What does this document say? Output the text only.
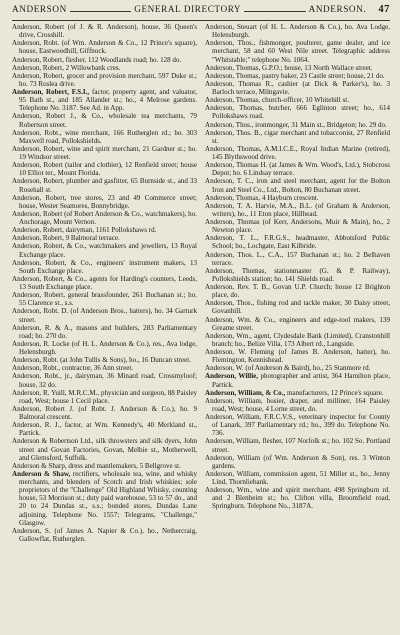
ANDERSON	GENERAL DIRECTORY	ANDERSON. 47

Anderson, Robert (of J. & R. Anderson), house, 36 Queen's drive, Crosshill.

Anderson, Robt. (of Wm. Anderson & Co., 12 Prince's square), house, Eastwoodhill, Giffnock.

Anderson, Robert, flesher, 112 Woodlands road; ho. 128 do.

Anderson, Robert, 2 Willowbank cres.

Anderson, Robert, grocer and provision merchant, 597 Duke st.; ho. 73 Roslea drive.

Anderson, Robert, F.S.I., factor, property agent, and valuator, 95 Bath st., and 185 Allander st.; ho., 4 Melrose gardens. Telephone No. 3187. See Ad. in App.

Anderson, Robert J., & Co., wholesale tea merchants, 79 Robertson street.

Anderson, Robt., wine merchant, 166 Rutherglen rd.; ho. 303 Maxwell road, Pollokshields.

Anderson, Robert, wine and spirit merchant, 21 Gardner st.; ho. 19 Windsor street.

Anderson, Robert (tailor and clothier), 12 Renfield street; house 10 Elliot ter., Mount Florida.

Anderson, Robert, plumber and gasfitter, 65 Burnside st., and 33 Rosehall st.

Anderson, Robert, tree stores, 23 and 49 Commerce street; house, Wester Seamores, Bonnybridge.

Anderson, Robert (of Robert Anderson & Co., watchmakers), ho. Anchorage, Mount Vernon.

Anderson, Robert, dairyman, 1161 Pollokshaws rd.

Anderson, Robert, 9 Balmoral terrace.

Anderson, Robert, & Co., watchmakers and jewellers, 13 Royal Exchange place.

Anderson, Robert, & Co., engineers' instrument makers, 13 South Exchange place.

Anderson, Robert, & Co., agents for Harding's counters, Leeds, 13 South Exchange place.

Anderson, Robert, general brassfounder, 261 Buchanan st.; ho. 55 Clarence st., s.s.

Anderson, Robt. D. (of Anderson Bros., hatters), ho. 34 Garturk street.

Anderson, R. & A., masons and builders, 283 Parliamentary road; ho. 270 do.

Anderson, R. Locke (of H. L. Anderson & Co.), res., Ava lodge, Helensburgh.

Anderson, Robt. (at John Tullis & Sons), ho., 16 Duncan street.

Anderson, Robt., contractor, 36 Ann street.

Anderson, Robt., jr., dairyman, 36 Minard road, Crossmyloof; house, 32 do.

Anderson, R. Yuill, M.R.C.M., physician and surgeon, 88 Paisley road, West; house 1 Cecil place.

Anderson, Robert J. (of Robt. J. Anderson & Co.), ho. 9 Balmoral crescent.

Anderson, R. J., factor, at Wm. Kennedy's, 40 Merkland st., Partick.

Anderson & Robertson Ltd., silk throwsters and silk dyers, John street and Govan Factories, Govan, Melbie st., Motherwell, and Glemsford, Suffolk.

Anderson & Sharp, dress and mantlemakers, 5 Bellgrove st.

Anderson & Shaw, rectifiers, wholesale tea, wine, and whisky merchants, and blenders of Scotch and Irish whiskies; sole proprietors of the "Challenge" Old Highland Whisky, counting house, 53 Morrison st.; duty paid warehouse, 53 to 57 do., and 20 to 24 Dundas st., s.s.; bonded stores, Dundas Lane adjoining. Telephone No. 1557; Telegrams, "Challenge," Glasgow.

Anderson, S. (of James A. Napier & Co.), ho., Nethercraig, Gallowflat, Rutherglen.

Anderson, Steuart (of H. L. Anderson & Co.), ho. Ava Lodge, Helensburgh.

Anderson, Thos., fishmonger, poulterer, game dealer, and ice merchant, 58 and 60 West Nile street. Telegraphic address "Whitstable;" telephone No. 1064.

Anderson, Thomas, G.P.O.; house, 13 North Wallace street.

Anderson, Thomas, pastry baker, 23 Castle street; house, 21 do.

Anderson, Thomas R., cashier (at Dick & Parker's), ho. 3 Barloch terrace, Milngavie.

Anderson, Thomas, church-officer, 10 Whitehill st.

Anderson, Thomas, butcher, 666 Eglinton street; ho., 614 Pollokshaws road.

Anderson, Thos., ironmonger, 31 Main st., Bridgeton; ho. 29 do.

Anderson, Thos. B., cigar merchant and tobacconist, 27 Renfield st.

Anderson, Thomas, A.M.I.C.E., Royal Indian Marine (retired), 145 Blythswood drive.

Anderson, Thomas H. (at James & Wm. Wood's, Ltd.), Stobcross Depot; ho. 6 Lindsay terrace.

Anderson, T. C., iron and steel merchant, agent for the Bolton Iron and Steel Co., Ltd., Bolton, 80 Buchanan street.

Anderson, Thomas, 4 Hayburn crescent.

Anderson, T. A. Harvie, M.A., B.L. (of Graham & Anderson, writers), ho., 11 Eton place, Hillhead.

Anderson, Thomas (of Kerr, Andersons, Muir & Main), ho., 2 Newton place.

Anderson, T. L., F.R.G.S., headmaster, Abbotsford Public School; ho., Lochgate, East Kilbride.

Anderson, Thos. L., C.A., 157 Buchanan st.; ho. 2 Belhaven terrace.

Anderson, Thomas, stationmaster (G. & P. Railway), Pollokshields station; ho. 141 Shields road.

Anderson, Rev. T. B., Govan U.P. Church; house 12 Brighton place, do.

Anderson, Thos., fishing rod and tackle maker, 30 Daisy street, Govanhill.

Anderson, Wm. & Co., engineers and edge-tool makers, 139 Greame street.

Anderson, Wm., agent, Clydesdale Bank (Limited), Cranstonhill branch; ho., Belize Villa, 173 Albert rd., Langside.

Anderson, W. Fleming (of James B. Anderson, hatter), ho. Flemington, Kennishead.

Anderson, W. (of Anderson & Baird), ho., 25 Stanmore rd.

Anderson, Willie, photographer and artist, 364 Hamilton place, Partick.

Anderson, William, & Co., manufacturers, 12 Prince's square.

Anderson, William, hosier, draper, and milliner, 164 Paisley road, West; house, 4 Lorne street, do.

Anderson, William, F.R.C.V.S., veterinary inspector for County of Lanark, 397 Parliamentary rd.; ho., 399 do. Telephone No. 736.

Anderson, William, flesher, 107 Norfolk st.; ho. 102 So. Portland street.

Anderson, William (of Wm. Anderson & Son), res. 3 Winton gardens.

Anderson, William, commission agent, 51 Miller st., ho., Jenny Lind, Thornliebank.

Anderson, Wm., wine and spirit merchant, 498 Springburn rd. and 2 Blenheim st.; ho. Clifton villa, Broomfield road, Springburn. Telephone No., 3187A.
